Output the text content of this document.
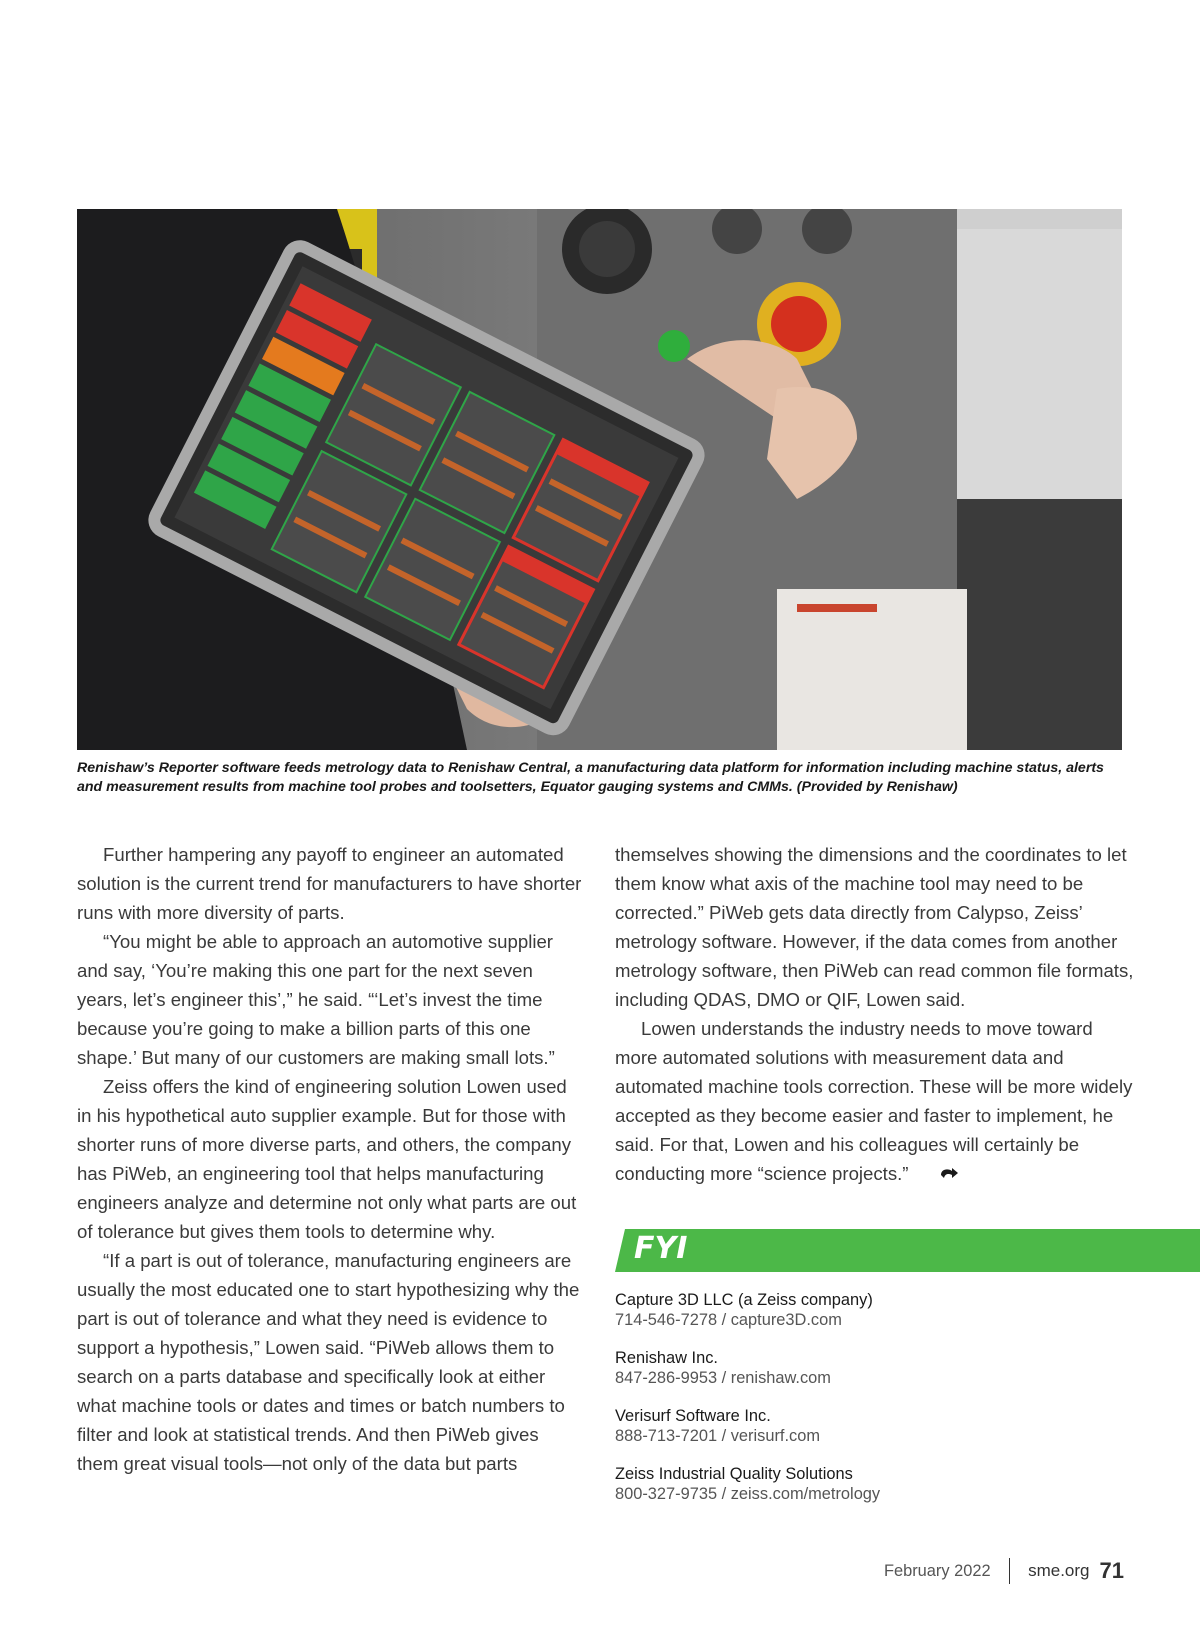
Renishaw’s Reporter software feeds metrology data to Renishaw Central, a manufacturing data platform for information including machine status, alerts and measurement results from machine tool probes and toolsetters, Equator gauging systems and CMMs. (Provided by Renishaw)

Further hampering any payoff to engineer an automated solution is the current trend for manufacturers to have shorter runs with more diversity of parts.

“You might be able to approach an automotive supplier and say, ‘You’re making this one part for the next seven years, let’s engineer this’,” he said. “‘Let’s invest the time because you’re going to make a billion parts of this one shape.’ But many of our customers are making small lots.”

Zeiss offers the kind of engineering solution Lowen used in his hypothetical auto supplier example. But for those with shorter runs of more diverse parts, and others, the company has PiWeb, an engineering tool that helps manufacturing engineers analyze and determine not only what parts are out of tolerance but gives them tools to determine why.

“If a part is out of tolerance, manufacturing engineers are usually the most educated one to start hypothesizing why the part is out of tolerance and what they need is evidence to support a hypothesis,” Lowen said. “PiWeb allows them to search on a parts database and specifically look at either what machine tools or dates and times or batch numbers to filter and look at statistical trends. And then PiWeb gives them great visual tools—not only of the data but parts

themselves showing the dimensions and the coordinates to let them know what axis of the machine tool may need to be corrected.” PiWeb gets data directly from Calypso, Zeiss’ metrology software. However, if the data comes from another metrology software, then PiWeb can read common file formats, including QDAS, DMO or QIF, Lowen said.

Lowen understands the industry needs to move toward more automated solutions with measurement data and automated machine tools correction. These will be more widely accepted as they become easier and faster to implement, he said. For that, Lowen and his colleagues will certainly be conducting more “science projects.”

FYI
Capture 3D LLC (a Zeiss company)
714-546-7278 / capture3D.com
Renishaw Inc.
847-286-9953 / renishaw.com
Verisurf Software Inc.
888-713-7201 / verisurf.com
Zeiss Industrial Quality Solutions
800-327-9735 / zeiss.com/metrology
February 2022 sme.org 71
